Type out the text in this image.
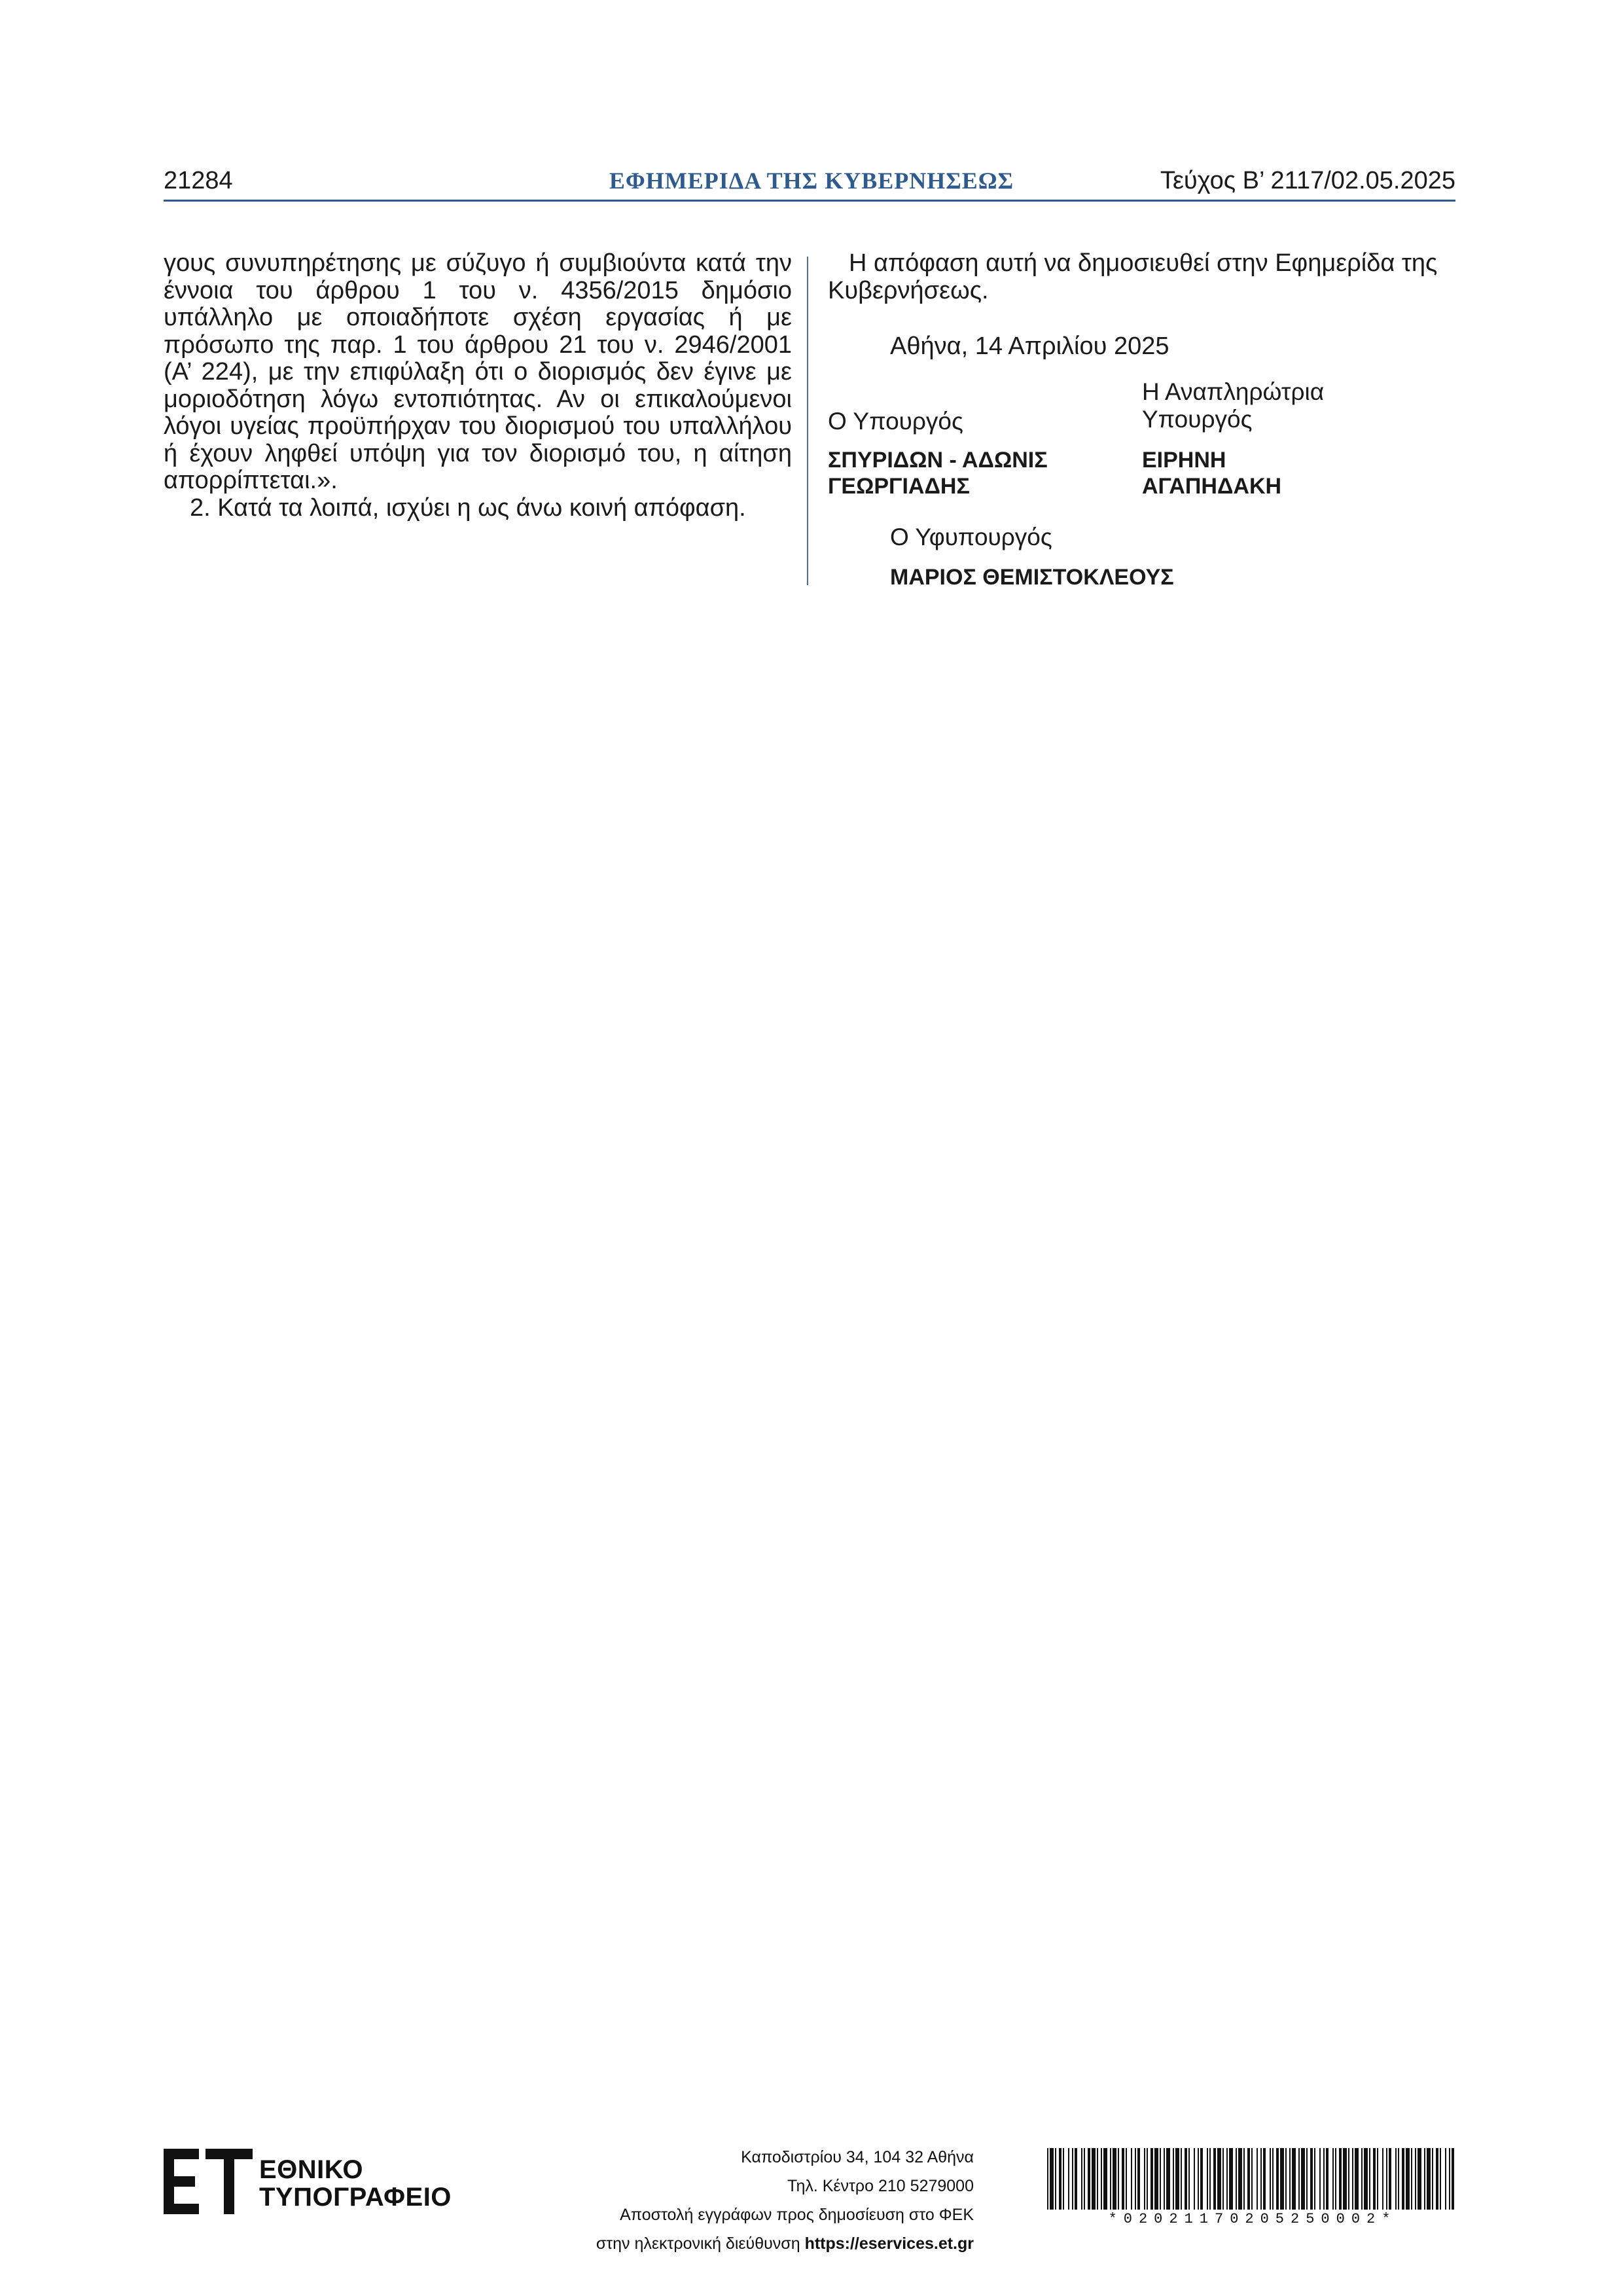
21284	ΕΦΗΜΕΡΙΔΑ ΤΗΣ ΚΥΒΕΡΝΗΣΕΩΣ	Τεύχος Β’ 2117/02.05.2025

γους συνυπηρέτησης με σύζυγο ή συμβιούντα κατά την έννοια του άρθρου 1 του ν. 4356/2015 δημόσιο υπάλληλο με οποιαδήποτε σχέση εργασίας ή με πρόσωπο της παρ. 1 του άρθρου 21 του ν. 2946/2001 (Α’ 224), με την επιφύλαξη ότι ο διορισμός δεν έγινε με μοριοδότηση λόγω εντοπιότητας. Αν οι επικαλούμενοι λόγοι υγείας προϋπήρχαν του διορισμού του υπαλλήλου ή έχουν ληφθεί υπόψη για τον διορισμό του, η αίτηση απορρίπτεται.».

2. Κατά τα λοιπά, ισχύει η ως άνω κοινή απόφαση.

Η απόφαση αυτή να δημοσιευθεί στην Εφημερίδα της Κυβερνήσεως.

Αθήνα, 14 Απριλίου 2025
Ο Υπουργός
ΣΠΥΡΙΔΩΝ - ΑΔΩΝΙΣ
ΓΕΩΡΓΙΑΔΗΣ
Η Αναπληρώτρια
Υπουργός
ΕΙΡΗΝΗ
ΑΓΑΠΗΔΑΚΗ
Ο Υφυπουργός
ΜΑΡΙΟΣ ΘΕΜΙΣΤΟΚΛΕΟΥΣ
ΕΘΝΙΚΟ
ΤΥΠΟΓΡΑΦΕΙΟ
Καποδιστρίου 34, 104 32 Αθήνα
Τηλ. Κέντρο 210 5279000
Αποστολή εγγράφων προς δημοσίευση στο ΦΕΚ
στην ηλεκτρονική διεύθυνση https://eservices.et.gr
*02021170205250002*
